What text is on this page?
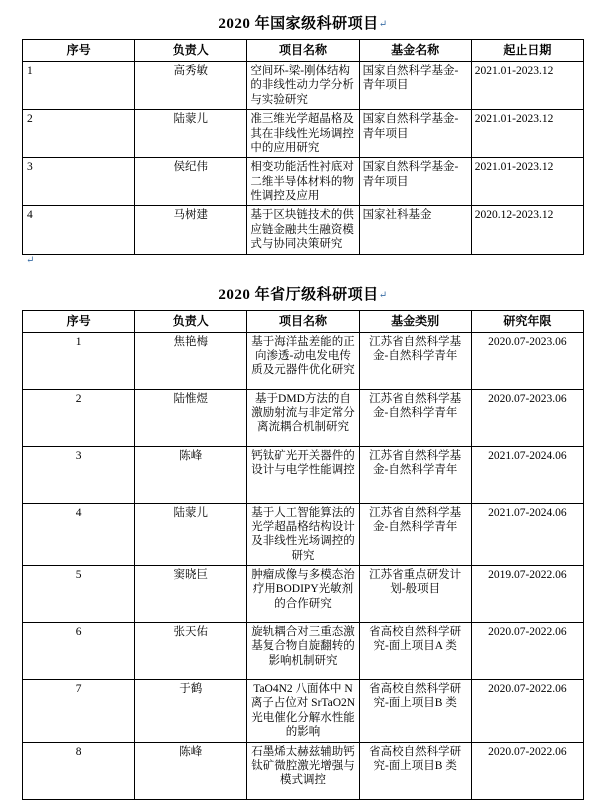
2020 年国家级科研项目↵
序号	负责人	项目名称	基金名称	起止日期
1	高秀敏	空间环-梁-刚体结构的非线性动力学分析与实验研究	国家自然科学基金-青年项目	2021.01-2023.12
2	陆蒙儿	准三维光学超晶格及其在非线性光场调控中的应用研究	国家自然科学基金-青年项目	2021.01-2023.12
3	侯纪伟	相变功能活性衬底对二维半导体材料的物性调控及应用	国家自然科学基金-青年项目	2021.01-2023.12
4	马树建	基于区块链技术的供应链金融共生融资模式与协同决策研究	国家社科基金	2020.12-2023.12
↵
2020 年省厅级科研项目↵
序号	负责人	项目名称	基金类别	研究年限
1	焦艳梅	基于海洋盐差能的正向渗透-动电发电传质及元器件优化研究	江苏省自然科学基金-自然科学青年	2020.07-2023.06
2	陆惟煜	基于DMD方法的自激励射流与非定常分离流耦合机制研究	江苏省自然科学基金-自然科学青年	2020.07-2023.06
3	陈峰	钙钛矿光开关器件的设计与电学性能调控	江苏省自然科学基金-自然科学青年	2021.07-2024.06
4	陆蒙儿	基于人工智能算法的光学超晶格结构设计及非线性光场调控的研究	江苏省自然科学基金-自然科学青年	2021.07-2024.06
5	窦晓巨	肿瘤成像与多模态治疗用BODIPY光敏剂的合作研究	江苏省重点研发计划-般项目	2019.07-2022.06
6	张天佑	旋轨耦合对三重态激基复合物自旋翻转的影响机制研究	省高校自然科学研究-面上项目A 类	2020.07-2022.06
7	于鹤	TaO4N2 八面体中 N 离子占位对 SrTaO2N 光电催化分解水性能的影响	省高校自然科学研究-面上项目B 类	2020.07-2022.06
8	陈峰	石墨烯太赫兹辅助钙钛矿微腔激光增强与模式调控	省高校自然科学研究-面上项目B 类	2020.07-2022.06
